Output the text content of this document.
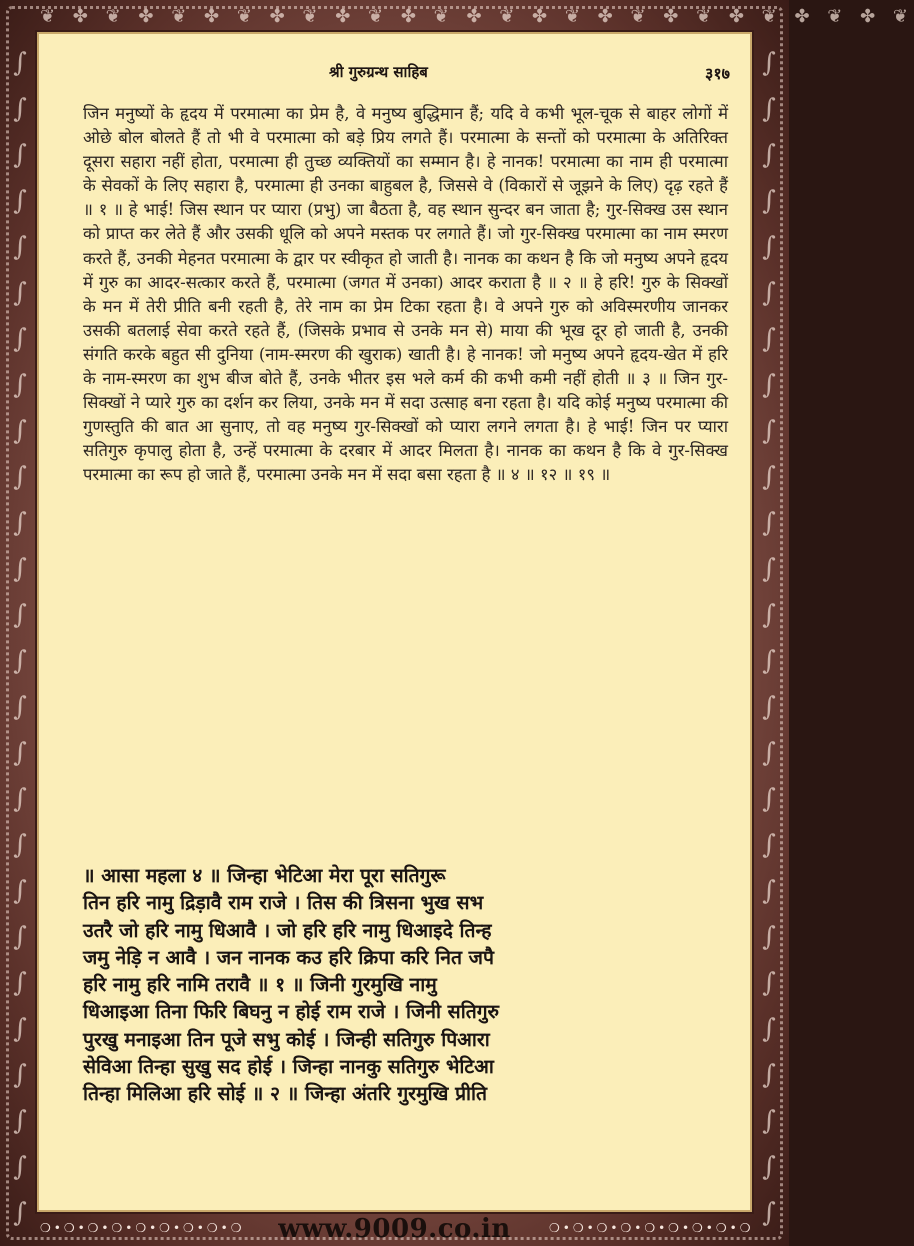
❦ ✤ ❦ ✤ ❦ ✤ ❦ ✤ ❦ ✤ ❦ ✤ ❦ ✤ ❦ ✤ ❦ ✤ ❦ ✤ ❦ ✤ ❦ ✤ ❦ ✤ ❦
∫
∫
∫
∫
∫
∫
∫
∫
∫
∫
∫
∫
∫
∫
∫
∫
∫
∫
∫
∫
∫
∫
∫
∫
∫
∫
∫
∫
∫
∫
∫
∫
∫
∫
∫
∫
∫
∫
∫
∫
∫
∫
∫
∫
∫
∫
∫
∫
∫
∫
∫
∫
श्री गुरुग्रन्थ साहिब	३१७

जिन मनुष्यों के हृदय में परमात्मा का प्रेम है, वे मनुष्य बुद्धिमान हैं; यदि वे कभी भूल-चूक से बाहर लोगों में ओछे बोल बोलते हैं तो भी वे परमात्मा को बड़े प्रिय लगते हैं। परमात्मा के सन्तों को परमात्मा के अतिरिक्त दूसरा सहारा नहीं होता, परमात्मा ही तुच्छ व्यक्तियों का सम्मान है। हे नानक! परमात्मा का नाम ही परमात्मा के सेवकों के लिए सहारा है, परमात्मा ही उनका बाहुबल है, जिससे वे (विकारों से जूझने के लिए) दृढ़ रहते हैं ॥ १ ॥ हे भाई! जिस स्थान पर प्यारा (प्रभु) जा बैठता है, वह स्थान सुन्दर बन जाता है; गुर-सिक्ख उस स्थान को प्राप्त कर लेते हैं और उसकी धूलि को अपने मस्तक पर लगाते हैं। जो गुर-सिक्ख परमात्मा का नाम स्मरण करते हैं, उनकी मेहनत परमात्मा के द्वार पर स्वीकृत हो जाती है। नानक का कथन है कि जो मनुष्य अपने हृदय में गुरु का आदर-सत्कार करते हैं, परमात्मा (जगत में उनका) आदर कराता है ॥ २ ॥ हे हरि! गुरु के सिक्खों के मन में तेरी प्रीति बनी रहती है, तेरे नाम का प्रेम टिका रहता है। वे अपने गुरु को अविस्मरणीय जानकर उसकी बतलाई सेवा करते रहते हैं, (जिसके प्रभाव से उनके मन से) माया की भूख दूर हो जाती है, उनकी संगति करके बहुत सी दुनिया (नाम-स्मरण की खुराक) खाती है। हे नानक! जो मनुष्य अपने हृदय-खेत में हरि के नाम-स्मरण का शुभ बीज बोते हैं, उनके भीतर इस भले कर्म की कभी कमी नहीं होती ॥ ३ ॥ जिन गुर-सिक्खों ने प्यारे गुरु का दर्शन कर लिया, उनके मन में सदा उत्साह बना रहता है। यदि कोई मनुष्य परमात्मा की गुणस्तुति की बात आ सुनाए, तो वह मनुष्य गुर-सिक्खों को प्यारा लगने लगता है। हे भाई! जिन पर प्यारा सतिगुरु कृपालु होता है, उन्हें परमात्मा के दरबार में आदर मिलता है। नानक का कथन है कि वे गुर-सिक्ख परमात्मा का रूप हो जाते हैं, परमात्मा उनके मन में सदा बसा रहता है ॥ ४ ॥ १२ ॥ १९ ॥

॥ आसा महला ४ ॥ जिन्हा भेटिआ मेरा पूरा सतिगुरू
तिन हरि नामु द्रिड़ावै राम राजे । तिस की त्रिसना भुख सभ
उतरै जो हरि नामु धिआवै । जो हरि हरि नामु धिआइदे तिन्ह
जमु नेड़ि न आवै । जन नानक कउ हरि क्रिपा करि नित जपै
हरि नामु हरि नामि तरावै ॥ १ ॥ जिनी गुरमुखि नामु
धिआइआ तिना फिरि बिघनु न होई राम राजे । जिनी सतिगुरु
पुरखु मनाइआ तिन पूजे सभु कोई । जिन्ही सतिगुरु पिआरा
सेविआ तिन्हा सुखु सद होई । जिन्हा नानकु सतिगुरु भेटिआ
तिन्हा मिलिआ हरि सोई ॥ २ ॥ जिन्हा अंतरि गुरमुखि प्रीति
❍•❍•❍•❍•❍•❍•❍•❍•❍	www.9009.co.in	❍•❍•❍•❍•❍•❍•❍•❍•❍
